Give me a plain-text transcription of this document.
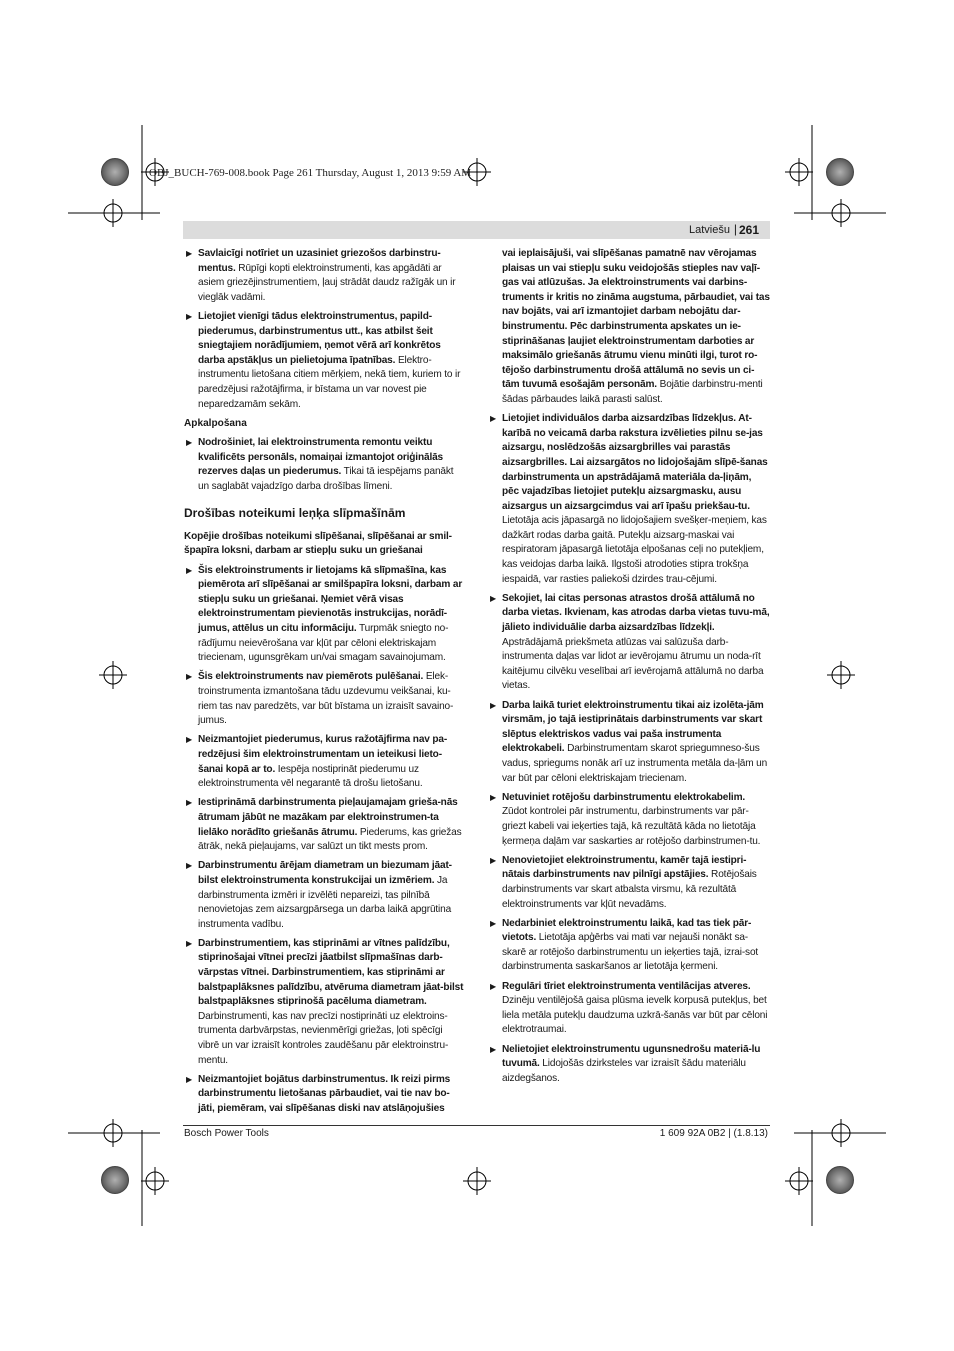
OBJ_BUCH-769-008.book Page 261 Thursday, August 1, 2013 9:59 AM
Latviešu | 261
▶ Savlaicīgi notīriet un uzasiniet griezošos darbinstru-mentus. Rūpīgi kopti elektroinstrumenti, kas apgādāti ar asiem griezējinstrumentiem, ļauj strādāt daudz ražīgāk un ir vieglāk vadāmi.
▶ Lietojiet vienīgi tādus elektroinstrumentus, papild-piederumus, darbinstrumentus utt., kas atbilst šeit sniegtajiem norādījumiem, ņemot vērā arī konkrētos darba apstākļus un pielietojuma īpatnības. Elektro-instrumentu lietošana citiem mērķiem, nekā tiem, kuriem to ir paredzējusi ražotājfirma, ir bīstama un var novest pie neparedzamām sekām.
Apkalpošana
▶ Nodrošiniet, lai elektroinstrumenta remontu veiktu kvalificēts personāls, nomaiņai izmantojot oriģinālās rezerves daļas un piederumus. Tikai tā iespējams panākt un saglabāt vajadzīgo darba drošības līmeni.
Drošības noteikumi leņķa slīpmašīnām
Kopējie drošības noteikumi slīpēšanai, slīpēšanai ar smil-špapīra loksni, darbam ar stiepļu suku un griešanai
▶ Šis elektroinstruments ir lietojams kā slīpmašīna, kas piemērota arī slīpēšanai ar smilšpapīra loksni, darbam ar stiepļu suku un griešanai. Ņemiet vērā visas elektroinstrumentam pievienotās instrukcijas, norādī-jumus, attēlus un citu informāciju. Turpmāk sniegto no-rādījumu neievērošana var kļūt par cēloni elektriskajam triecienam, ugunsgrēkam un/vai smagam savainojumam.
▶ Šis elektroinstruments nav piemērots pulēšanai. Elek-troinstrumenta izmantošana tādu uzdevumu veikšanai, ku-riem tas nav paredzēts, var būt bīstama un izraisīt savaino-jumus.
▶ Neizmantojiet piederumus, kurus ražotājfirma nav pa-redzējusi šim elektroinstrumentam un ieteikusi lieto-šanai kopā ar to. Iespēja nostiprināt piederumu uz elektroinstrumenta vēl negarantē tā drošu lietošanu.
▶ Iestiprināmā darbinstrumenta pieļaujamajam grieša-nās ātrumam jābūt ne mazākam par elektroinstrumen-ta lielāko norādīto griešanās ātrumu. Piederums, kas griežas ātrāk, nekā pieļaujams, var salūzt un tikt mests prom.
▶ Darbinstrumentu ārējam diametram un biezumam jāat-bilst elektroinstrumenta konstrukcijai un izmēriem. Ja darbinstrumenta izmēri ir izvēlēti nepareizi, tas pilnībā nenovietojas zem aizsargpārsega un darba laikā apgrūtina instrumenta vadību.
▶ Darbinstrumentiem, kas stiprināmi ar vītnes palīdzību, stiprinošajai vītnei precīzi jāatbilst slīpmašīnas darb-vārpstas vītnei. Darbinstrumentiem, kas stiprināmi ar balstpaplāksnes palīdzību, atvēruma diametram jāat-bilst balstpaplāksnes stiprinošā pacēluma diametram. Darbinstrumenti, kas nav precīzi nostiprināti uz elektroins-trumenta darbvārpstas, nevienmērīgi griežas, ļoti spēcīgi vibrē un var izraisīt kontroles zaudēšanu pār elektroinstru-mentu.
▶ Neizmantojiet bojātus darbinstrumentus. Ik reizi pirms darbinstrumentu lietošanas pārbaudiet, vai tie nav bo-jāti, piemēram, vai slīpēšanas diski nav atslāņojušies
vai ieplaisājuši, vai slīpēšanas pamatnē nav vērojamas plaisas un vai stiepļu suku veidojošās stieples nav vaļī-gas vai atlūzušas. Ja elektroinstruments vai darbins-truments ir kritis no zināma augstuma, pārbaudiet, vai tas nav bojāts, vai arī izmantojiet darbam nebojātu dar-binstrumentu. Pēc darbinstrumenta apskates un ie-stiprināšanas ļaujiet elektroinstrumentam darboties ar maksimālo griešanās ātrumu vienu minūti ilgi, turot ro-tējošo darbinstrumentu drošā attālumā no sevis un ci-tām tuvumā esošajām personām. Bojātie darbinstru-menti šādas pārbaudes laikā parasti salūst.
▶ Lietojiet individuālos darba aizsardzības līdzekļus. At-karībā no veicamā darba rakstura izvēlieties pilnu se-jas aizsargu, noslēdzošās aizsargbrilles vai parastās aizsargbrilles. Lai aizsargātos no lidojošajām slīpē-šanas darbinstrumenta un apstrādājamā materiāla da-ļiņām, pēc vajadzības lietojiet putekļu aizsargmasku, ausu aizsargus un aizsargcimdus vai arī īpašu priekšau-tu. Lietotāja acis jāpasargā no lidojošajiem svešķer-meņiem, kas dažkārt rodas darba gaitā. Putekļu aizsarg-maskai vai respiratoram jāpasargā lietotāja elpošanas ceļi no putekļiem, kas veidojas darba laikā. Ilgstoši atrodoties stipra trokšņa iespaidā, var rasties paliekoši dzirdes trau-cējumi.
▶ Sekojiet, lai citas personas atrastos drošā attālumā no darba vietas. Ikvienam, kas atrodas darba vietas tuvu-mā, jālieto individuālie darba aizsardzības līdzekļi. Apstrādājamā priekšmeta atlūzas vai salūzuša darb-instrumenta daļas var lidot ar ievērojamu ātrumu un noda-rīt kaitējumu cilvēku veselībai arī ievērojamā attālumā no darba vietas.
▶ Darba laikā turiet elektroinstrumentu tikai aiz izolēta-jām virsmām, jo tajā iestiprinātais darbinstruments var skart slēptus elektriskos vadus vai paša instrumenta elektrokabeli. Darbinstrumentam skarot spriegumneso-šus vadus, spriegums nonāk arī uz instrumenta metāla da-ļām un var būt par cēloni elektriskajam triecienam.
▶ Netuviniet rotējošu darbinstrumentu elektrokabelim. Zūdot kontrolei pār instrumentu, darbinstruments var pār-griezt kabeli vai ieķerties tajā, kā rezultātā kāda no lietotāja ķermeņa daļām var saskarties ar rotējošo darbinstrumen-tu.
▶ Nenovietojiet elektroinstrumentu, kamēr tajā iestipri-nātais darbinstruments nav pilnīgi apstājies. Rotējošais darbinstruments var skart atbalsta virsmu, kā rezultātā elektroinstruments var kļūt nevadāms.
▶ Nedarbiniet elektroinstrumentu laikā, kad tas tiek pār-vietots. Lietotāja apģērbs vai mati var nejauši nonākt sa-skarē ar rotējošo darbinstrumentu un ieķerties tajā, izrai-sot darbinstrumenta saskaršanos ar lietotāja ķermeni.
▶ Regulāri tīriet elektroinstrumenta ventilācijas atveres. Dzinēju ventilējošā gaisa plūsma ievelk korpusā putekļus, bet liela metāla putekļu daudzuma uzkrā-šanās var būt par cēloni elektrotraumai.
▶ Nelietojiet elektroinstrumentu ugunsnedrošu materiā-lu tuvumā. Lidojošās dzirksteles var izraisīt šādu materiālu aizdegšanos.
Bosch Power Tools	1 609 92A 0B2 | (1.8.13)
